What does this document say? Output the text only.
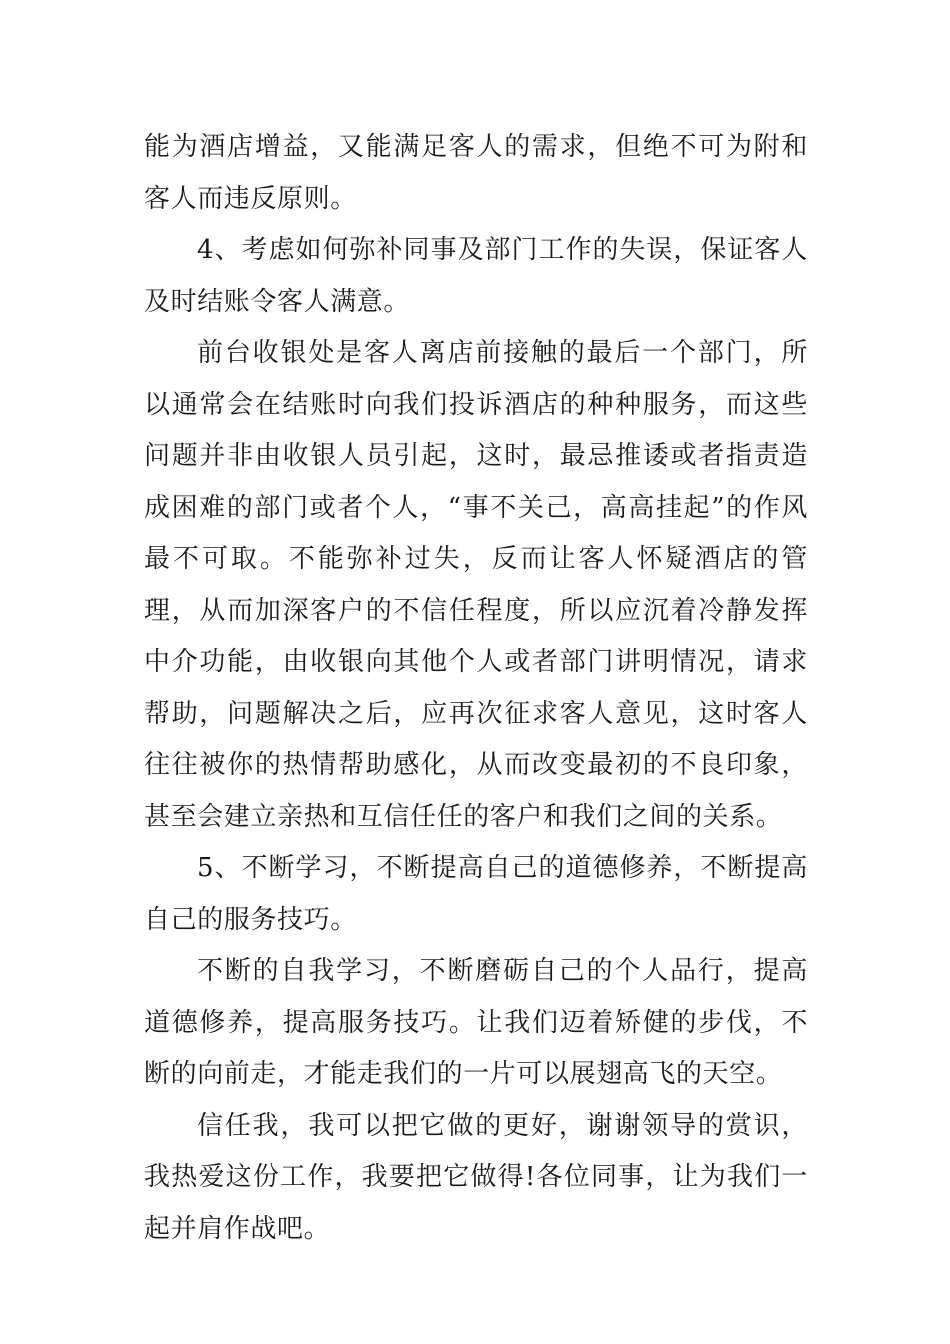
能为酒店增益，又能满足客人的需求，但绝不可为附和客人而违反原则。

4、考虑如何弥补同事及部门工作的失误，保证客人及时结账令客人满意。

前台收银处是客人离店前接触的最后一个部门，所以通常会在结账时向我们投诉酒店的种种服务，而这些问题并非由收银人员引起，这时，最忌推诿或者指责造成困难的部门或者个人，“事不关己，高高挂起”的作风最不可取。不能弥补过失，反而让客人怀疑酒店的管理，从而加深客户的不信任程度，所以应沉着冷静发挥中介功能，由收银向其他个人或者部门讲明情况，请求帮助，问题解决之后，应再次征求客人意见，这时客人往往被你的热情帮助感化，从而改变最初的不良印象，甚至会建立亲热和互信任任的客户和我们之间的关系。

5、不断学习，不断提高自己的道德修养，不断提高自己的服务技巧。

不断的自我学习，不断磨砺自己的个人品行，提高道德修养，提高服务技巧。让我们迈着矫健的步伐，不断的向前走，才能走我们的一片可以展翅高飞的天空。

信任我，我可以把它做的更好，谢谢领导的赏识，我热爱这份工作，我要把它做得!各位同事，让为我们一起并肩作战吧。
